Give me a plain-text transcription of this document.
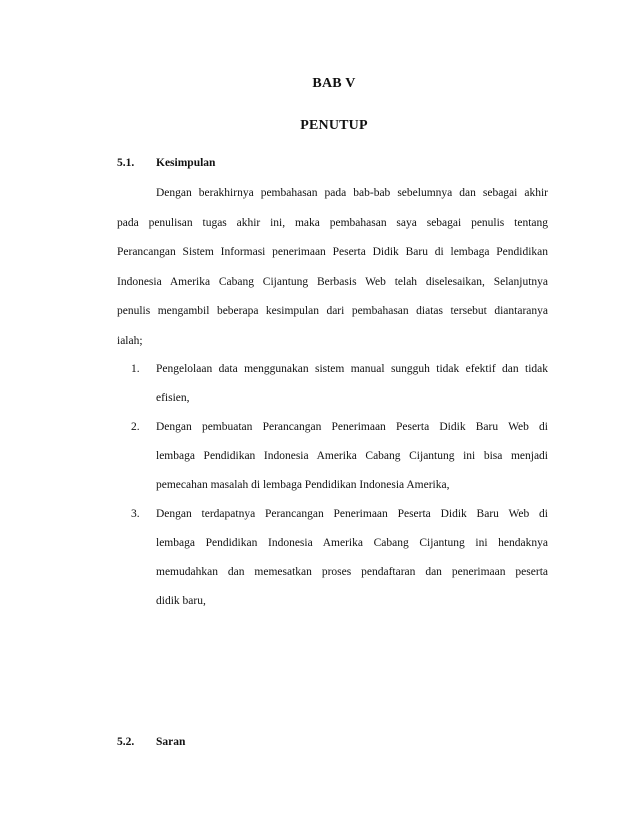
BAB V
PENUTUP
5.1. Kesimpulan
Dengan berakhirnya pembahasan pada bab-bab sebelumnya dan sebagai akhir
pada penulisan tugas akhir ini, maka pembahasan saya sebagai penulis tentang
Perancangan Sistem Informasi penerimaan Peserta Didik Baru di lembaga Pendidikan
Indonesia Amerika Cabang Cijantung Berbasis Web telah diselesaikan, Selanjutnya
penulis mengambil beberapa kesimpulan dari pembahasan diatas tersebut diantaranya
ialah;
1. Pengelolaan data menggunakan sistem manual sungguh tidak efektif dan tidak
efisien,
2. Dengan pembuatan Perancangan Penerimaan Peserta Didik Baru Web di
lembaga Pendidikan Indonesia Amerika Cabang Cijantung ini bisa menjadi
pemecahan masalah di lembaga Pendidikan Indonesia Amerika,
3. Dengan terdapatnya Perancangan Penerimaan Peserta Didik Baru Web di
lembaga Pendidikan Indonesia Amerika Cabang Cijantung ini hendaknya
memudahkan dan memesatkan proses pendaftaran dan penerimaan peserta
didik baru,
5.2. Saran
